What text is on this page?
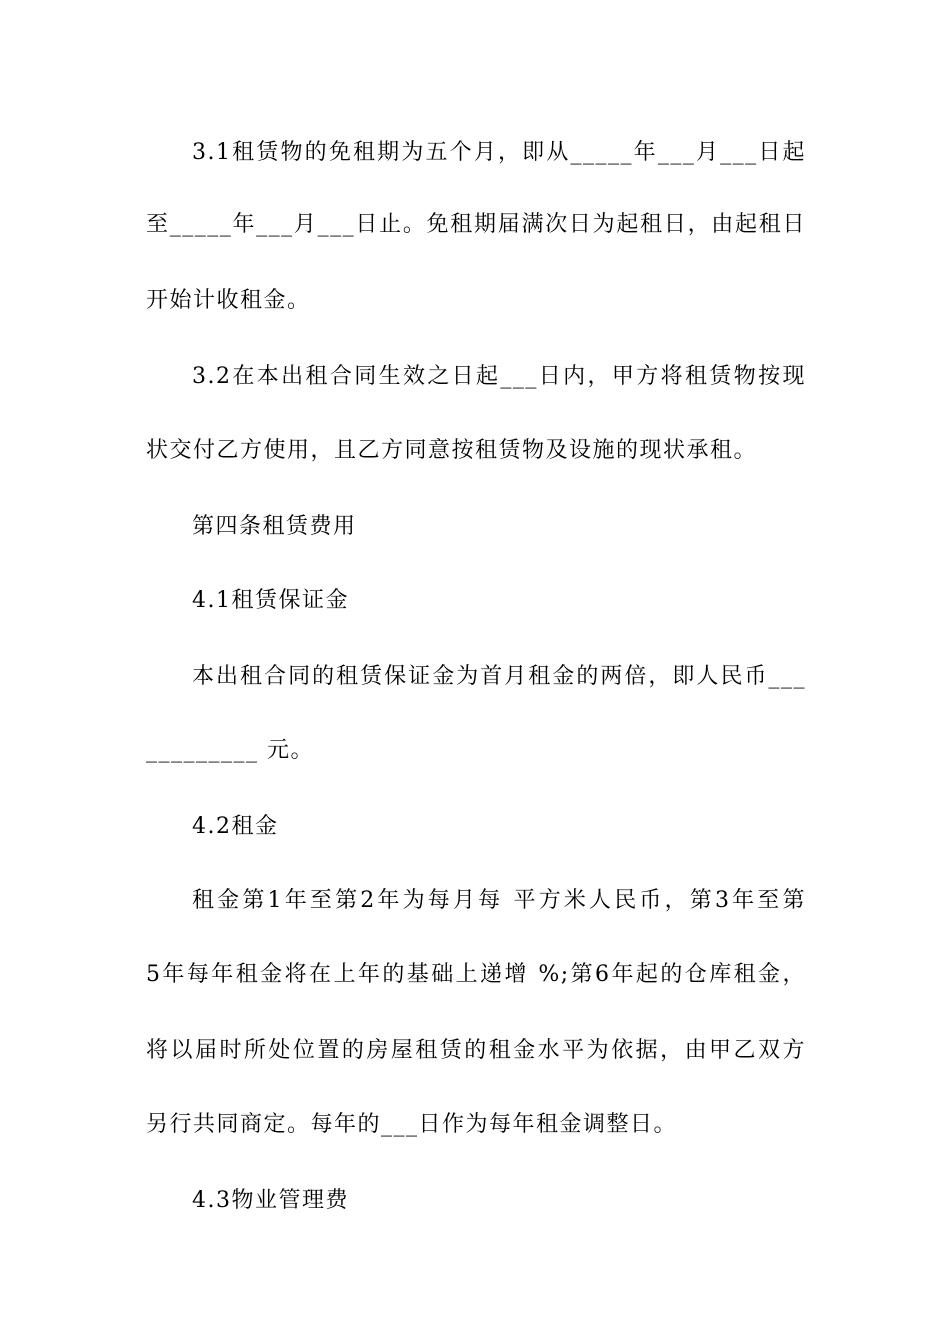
3.1租赁物的免租期为五个月，即从_____年___月___日起
至_____年___月___日止。免租期届满次日为起租日，由起租日
开始计收租金。
3.2在本出租合同生效之日起___日内，甲方将租赁物按现
状交付乙方使用，且乙方同意按租赁物及设施的现状承租。
第四条租赁费用
4.1租赁保证金
本出租合同的租赁保证金为首月租金的两倍，即人民币___
_________ 元。
4.2租金
租金第1年至第2年为每月每 平方米人民币，第3年至第
5年每年租金将在上年的基础上递增 %;第6年起的仓库租金，
将以届时所处位置的房屋租赁的租金水平为依据，由甲乙双方
另行共同商定。每年的___日作为每年租金调整日。
4.3物业管理费
